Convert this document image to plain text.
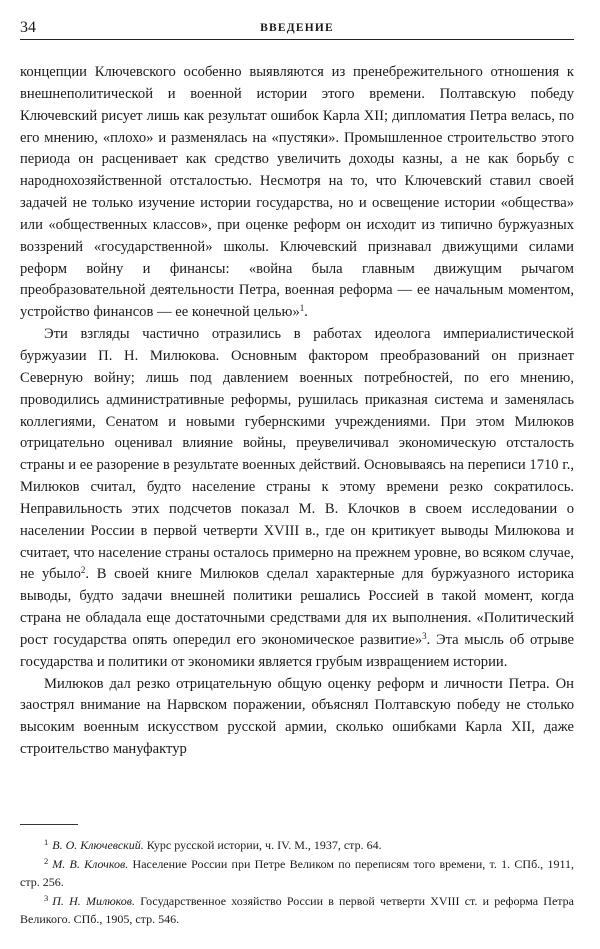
34	ВВЕДЕНИЕ

концепции Ключевского особенно выявляются из пренебрежительного отношения к внешнеполитической и военной истории этого времени. Полтавскую победу Ключевский рисует лишь как результат ошибок Карла XII; дипломатия Петра велась, по его мнению, «плохо» и разменялась на «пустяки». Промышленное строительство этого периода он расценивает как средство увеличить доходы казны, а не как борьбу с народнохозяйственной отсталостью. Несмотря на то, что Ключевский ставил своей задачей не только изучение истории государства, но и освещение истории «общества» или «общественных классов», при оценке реформ он исходит из типично буржуазных воззрений «государственной» школы. Ключевский признавал движущими силами реформ войну и финансы: «война была главным движущим рычагом преобразовательной деятельности Петра, военная реформа — ее начальным моментом, устройство финансов — ее конечной целью»$^1$.

Эти взгляды частично отразились в работах идеолога империалистической буржуазии П. Н. Милюкова. Основным фактором преобразований он признает Северную войну; лишь под давлением военных потребностей, по его мнению, проводились административные реформы, рушилась приказная система и заменялась коллегиями, Сенатом и новыми губернскими учреждениями. При этом Милюков отрицательно оценивал влияние войны, преувеличивал экономическую отсталость страны и ее разорение в результате военных действий. Основываясь на переписи 1710 г., Милюков считал, будто население страны к этому времени резко сократилось. Неправильность этих подсчетов показал М. В. Клочков в своем исследовании о населении России в первой четверти XVIII в., где он критикует выводы Милюкова и считает, что население страны осталось примерно на прежнем уровне, во всяком случае, не убыло$^2$. В своей книге Милюков сделал характерные для буржуазного историка выводы, будто задачи внешней политики решались Россией в такой момент, когда страна не обладала еще достаточными средствами для их выполнения. «Политический рост государства опять опередил его экономическое развитие»$^3$. Эта мысль об отрыве государства и политики от экономики является грубым извращением истории.

Милюков дал резко отрицательную общую оценку реформ и личности Петра. Он заострял внимание на Нарвском поражении, объяснял Полтавскую победу не столько высоким военным искусством русской армии, сколько ошибками Карла XII, даже строительство мануфактур

$^1$ В. О. Ключевский. Курс русской истории, ч. IV. М., 1937, стр. 64.

$^2$ М. В. Клочков. Население России при Петре Великом по переписям того времени, т. 1. СПб., 1911, стр. 256.

$^3$ П. Н. Милюков. Государственное хозяйство России в первой четверти XVIII ст. и реформа Петра Великого. СПб., 1905, стр. 546.
